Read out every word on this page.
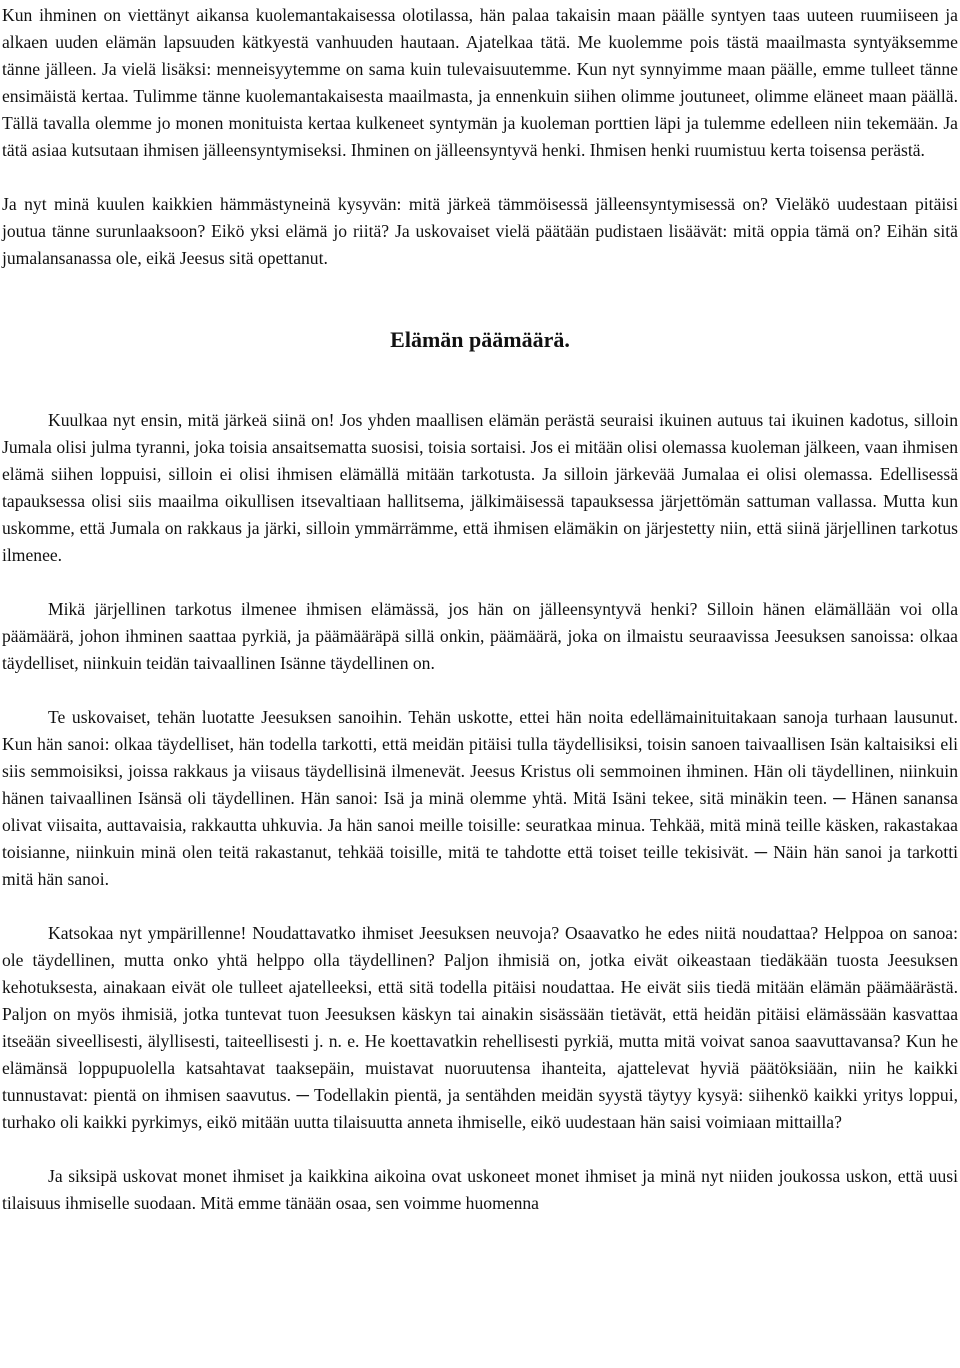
Kun ihminen on viettänyt aikansa kuolemantakaisessa olotilassa, hän palaa takaisin maan päälle syntyen taas uuteen ruumiiseen ja alkaen uuden elämän lapsuuden kätkyestä vanhuuden hautaan. Ajatelkaa tätä. Me kuolemme pois tästä maailmasta syntyäksemme tänne jälleen. Ja vielä lisäksi: menneisyytemme on sama kuin tulevaisuutemme. Kun nyt synnyimme maan päälle, emme tulleet tänne ensimäistä kertaa. Tulimme tänne kuolemantakaisesta maailmasta, ja ennenkuin siihen olimme joutuneet, olimme eläneet maan päällä. Tällä tavalla olemme jo monen monituista kertaa kulkeneet syntymän ja kuoleman porttien läpi ja tulemme edelleen niin tekemään. Ja tätä asiaa kutsutaan ihmisen jälleensyntymiseksi. Ihminen on jälleensyntyvä henki. Ihmisen henki ruumistuu kerta toisensa perästä.

Ja nyt minä kuulen kaikkien hämmästyneinä kysyvän: mitä järkeä tämmöisessä jälleensyntymisessä on? Vieläkö uudestaan pitäisi joutua tänne surunlaaksoon? Eikö yksi elämä jo riitä? Ja uskovaiset vielä päätään pudistaen lisäävät: mitä oppia tämä on? Eihän sitä jumalansanassa ole, eikä Jeesus sitä opettanut.

Elämän päämäärä.

Kuulkaa nyt ensin, mitä järkeä siinä on! Jos yhden maallisen elämän perästä seuraisi ikuinen autuus tai ikuinen kadotus, silloin Jumala olisi julma tyranni, joka toisia ansaitsematta suosisi, toisia sortaisi. Jos ei mitään olisi olemassa kuoleman jälkeen, vaan ihmisen elämä siihen loppuisi, silloin ei olisi ihmisen elämällä mitään tarkotusta. Ja silloin järkevää Jumalaa ei olisi olemassa. Edellisessä tapauksessa olisi siis maailma oikullisen itsevaltiaan hallitsema, jälkimäisessä tapauksessa järjettömän sattuman vallassa. Mutta kun uskomme, että Jumala on rakkaus ja järki, silloin ymmärrämme, että ihmisen elämäkin on järjestetty niin, että siinä järjellinen tarkotus ilmenee.

Mikä järjellinen tarkotus ilmenee ihmisen elämässä, jos hän on jälleensyntyvä henki? Silloin hänen elämällään voi olla päämäärä, johon ihminen saattaa pyrkiä, ja päämääräpä sillä onkin, päämäärä, joka on ilmaistu seuraavissa Jeesuksen sanoissa: olkaa täydelliset, niinkuin teidän taivaallinen Isänne täydellinen on.

Te uskovaiset, tehän luotatte Jeesuksen sanoihin. Tehän uskotte, ettei hän noita edellämainituitakaan sanoja turhaan lausunut. Kun hän sanoi: olkaa täydelliset, hän todella tarkotti, että meidän pitäisi tulla täydellisiksi, toisin sanoen taivaallisen Isän kaltaisiksi eli siis semmoisiksi, joissa rakkaus ja viisaus täydellisinä ilmenevät. Jeesus Kristus oli semmoinen ihminen. Hän oli täydellinen, niinkuin hänen taivaallinen Isänsä oli täydellinen. Hän sanoi: Isä ja minä olemme yhtä. Mitä Isäni tekee, sitä minäkin teen. ─ Hänen sanansa olivat viisaita, auttavaisia, rakkautta uhkuvia. Ja hän sanoi meille toisille: seuratkaa minua. Tehkää, mitä minä teille käsken, rakastakaa toisianne, niinkuin minä olen teitä rakastanut, tehkää toisille, mitä te tahdotte että toiset teille tekisivät. ─ Näin hän sanoi ja tarkotti mitä hän sanoi.

Katsokaa nyt ympärillenne! Noudattavatko ihmiset Jeesuksen neuvoja? Osaavatko he edes niitä noudattaa? Helppoa on sanoa: ole täydellinen, mutta onko yhtä helppo olla täydellinen? Paljon ihmisiä on, jotka eivät oikeastaan tiedäkään tuosta Jeesuksen kehotuksesta, ainakaan eivät ole tulleet ajatelleeksi, että sitä todella pitäisi noudattaa. He eivät siis tiedä mitään elämän päämäärästä. Paljon on myös ihmisiä, jotka tuntevat tuon Jeesuksen käskyn tai ainakin sisässään tietävät, että heidän pitäisi elämässään kasvattaa itseään siveellisesti, älyllisesti, taiteellisesti j. n. e. He koettavatkin rehellisesti pyrkiä, mutta mitä voivat sanoa saavuttavansa? Kun he elämänsä loppupuolella katsahtavat taaksepäin, muistavat nuoruutensa ihanteita, ajattelevat hyviä päätöksiään, niin he kaikki tunnustavat: pientä on ihmisen saavutus. ─ Todellakin pientä, ja sentähden meidän syystä täytyy kysyä: siihenkö kaikki yritys loppui, turhako oli kaikki pyrkimys, eikö mitään uutta tilaisuutta anneta ihmiselle, eikö uudestaan hän saisi voimiaan mittailla?

Ja siksipä uskovat monet ihmiset ja kaikkina aikoina ovat uskoneet monet ihmiset ja minä nyt niiden joukossa uskon, että uusi tilaisuus ihmiselle suodaan. Mitä emme tänään osaa, sen voimme huomenna
